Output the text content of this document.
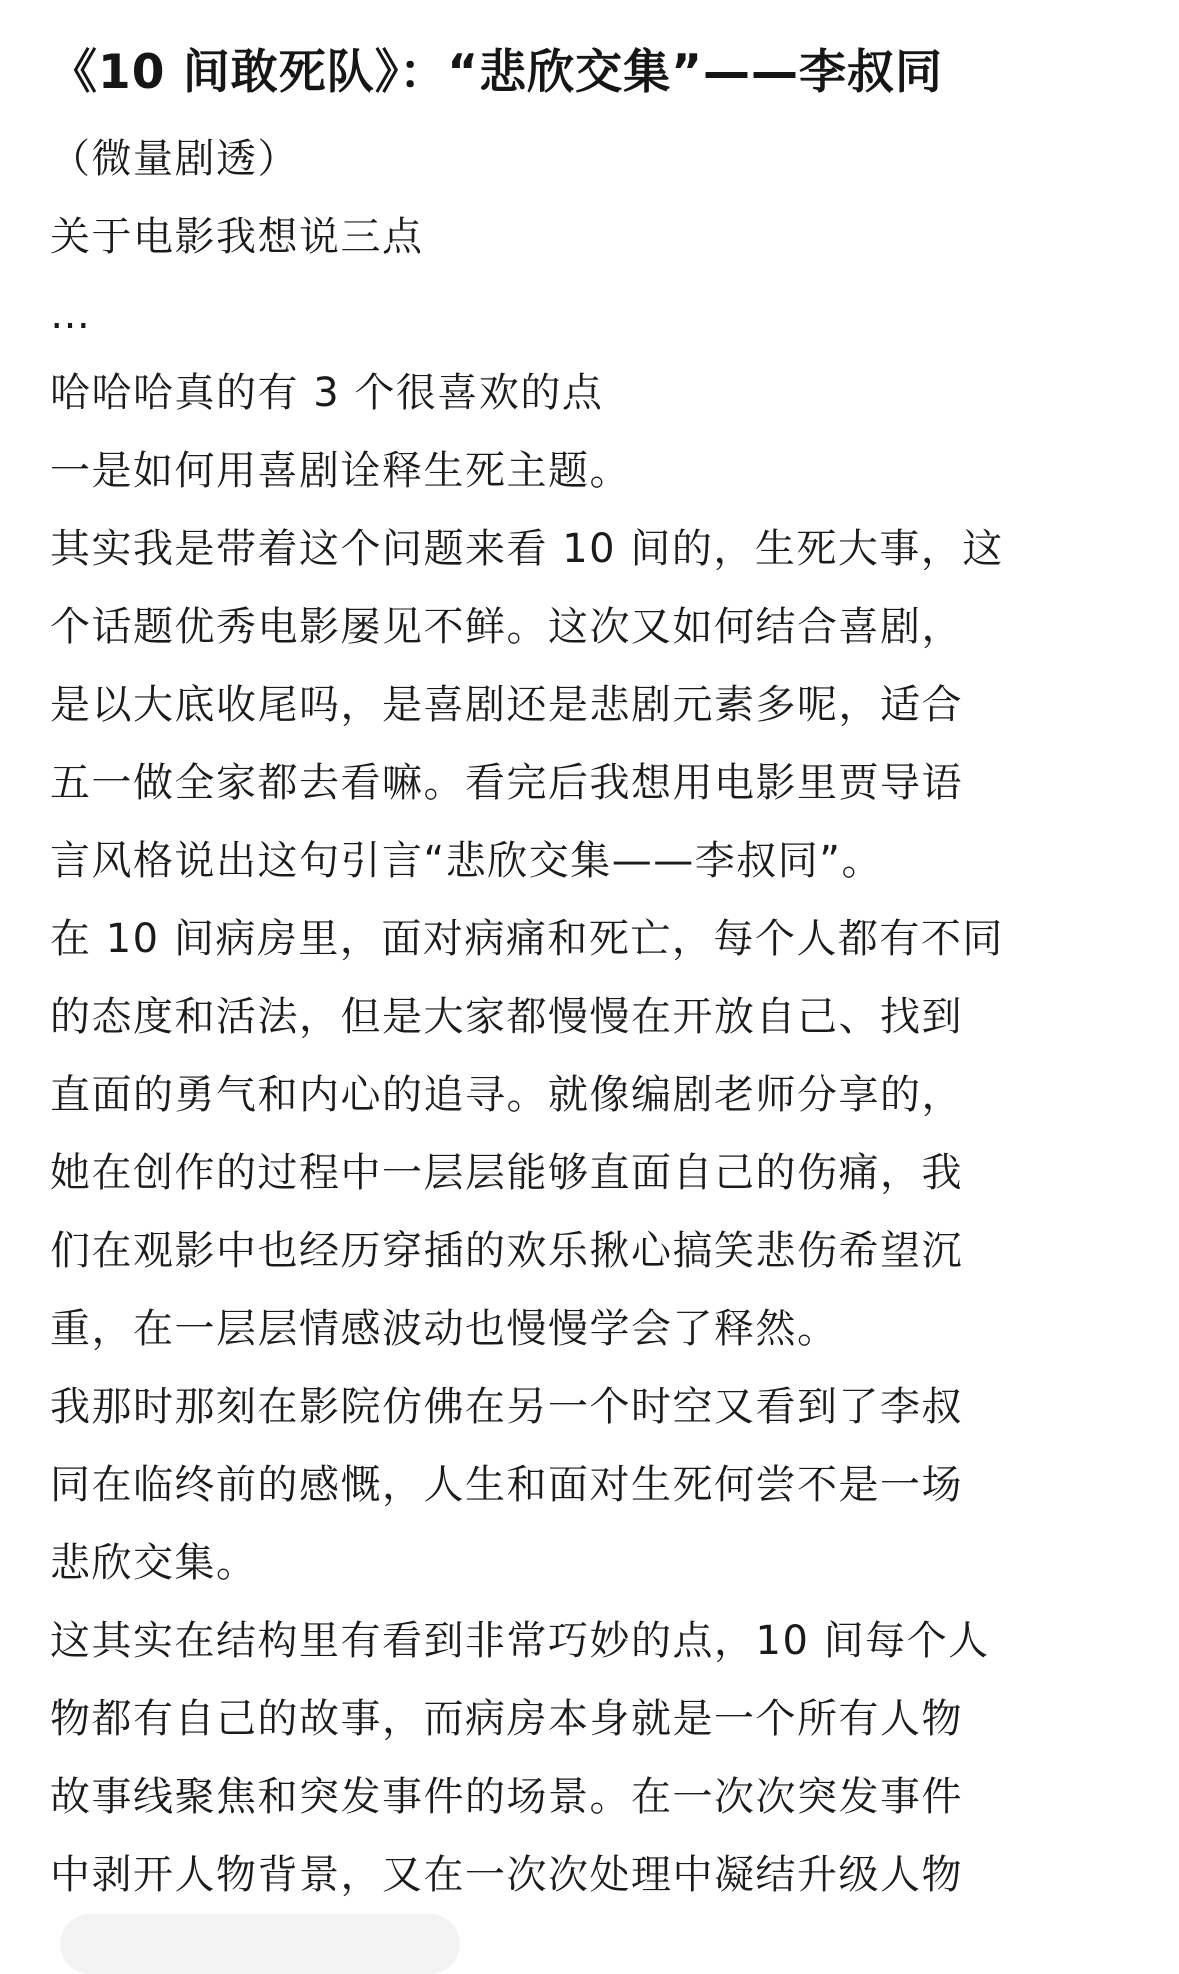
《10 间敢死队》：“悲欣交集”——李叔同

（微量剧透）

关于电影我想说三点

…

哈哈哈真的有 3 个很喜欢的点

一是如何用喜剧诠释生死主题。

其实我是带着这个问题来看 10 间的，生死大事，这

个话题优秀电影屡见不鲜。这次又如何结合喜剧，

是以大底收尾吗，是喜剧还是悲剧元素多呢，适合

五一做全家都去看嘛。看完后我想用电影里贾导语

言风格说出这句引言“悲欣交集——李叔同”。

在 10 间病房里，面对病痛和死亡，每个人都有不同

的态度和活法，但是大家都慢慢在开放自己、找到

直面的勇气和内心的追寻。就像编剧老师分享的，

她在创作的过程中一层层能够直面自己的伤痛，我

们在观影中也经历穿插的欢乐揪心搞笑悲伤希望沉

重，在一层层情感波动也慢慢学会了释然。

我那时那刻在影院仿佛在另一个时空又看到了李叔

同在临终前的感慨，人生和面对生死何尝不是一场

悲欣交集。

这其实在结构里有看到非常巧妙的点，10 间每个人

物都有自己的故事，而病房本身就是一个所有人物

故事线聚焦和突发事件的场景。在一次次突发事件

中剥开人物背景，又在一次次处理中凝结升级人物
